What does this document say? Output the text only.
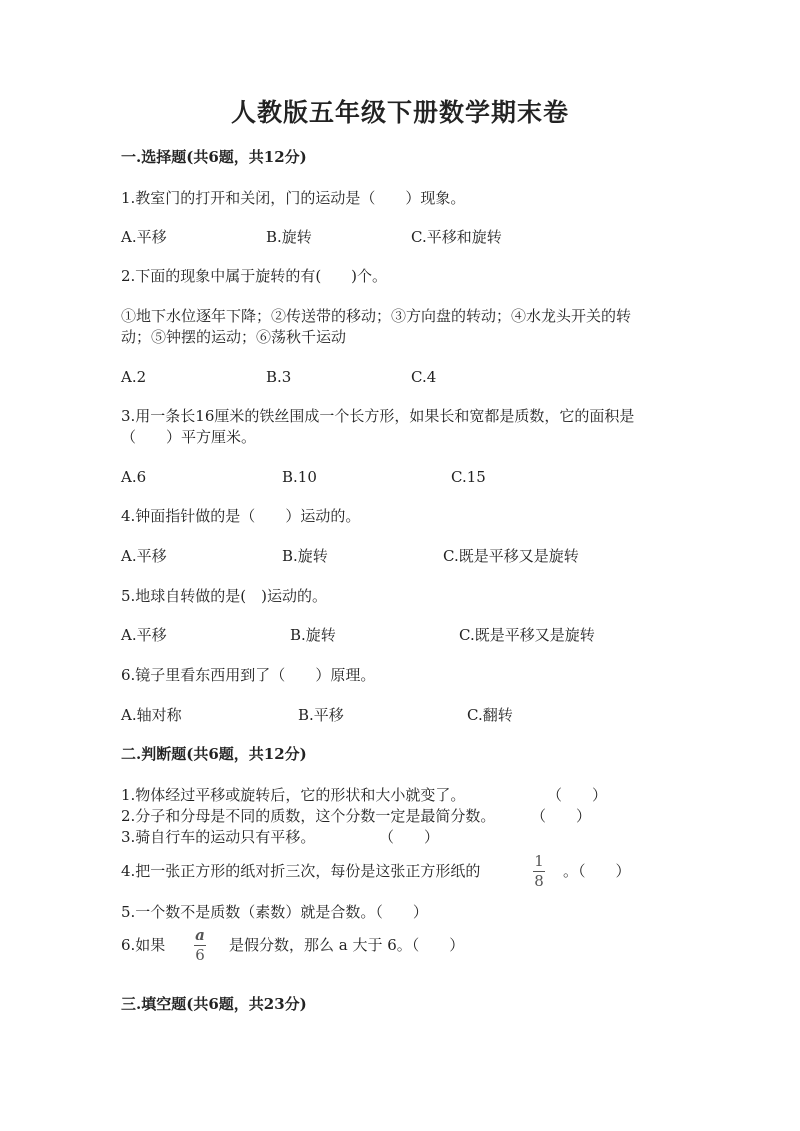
人教版五年级下册数学期末卷
一.选择题(共6题，共12分)
1.教室门的打开和关闭，门的运动是（　　）现象。
A.平移	B.旋转	C.平移和旋转
2.下面的现象中属于旋转的有(　　)个。
①地下水位逐年下降；②传送带的移动；③方向盘的转动；④水龙头开关的转
动；⑤钟摆的运动；⑥荡秋千运动
A.2	B.3	C.4
3.用一条长16厘米的铁丝围成一个长方形，如果长和宽都是质数，它的面积是
（　　）平方厘米。
A.6	B.10	C.15
4.钟面指针做的是（　　）运动的。
A.平移	B.旋转	C.既是平移又是旋转
5.地球自转做的是(　)运动的。
A.平移	B.旋转	C.既是平移又是旋转
6.镜子里看东西用到了（　　）原理。
A.轴对称	B.平移	C.翻转
二.判断题(共6题，共12分)
1.物体经过平移或旋转后，它的形状和大小就变了。	（　　）
2.分子和分母是不同的质数，这个分数一定是最简分数。 （　　）
3.骑自行车的运动只有平移。	（　　）
4.把一张正方形的纸对折三次，每份是这张正方形纸的
1
8
。（　　）
5.一个数不是质数（素数）就是合数。（　　）
6.如果
a
6
是假分数，那么 a 大于 6。（　　）
三.填空题(共6题，共23分)
